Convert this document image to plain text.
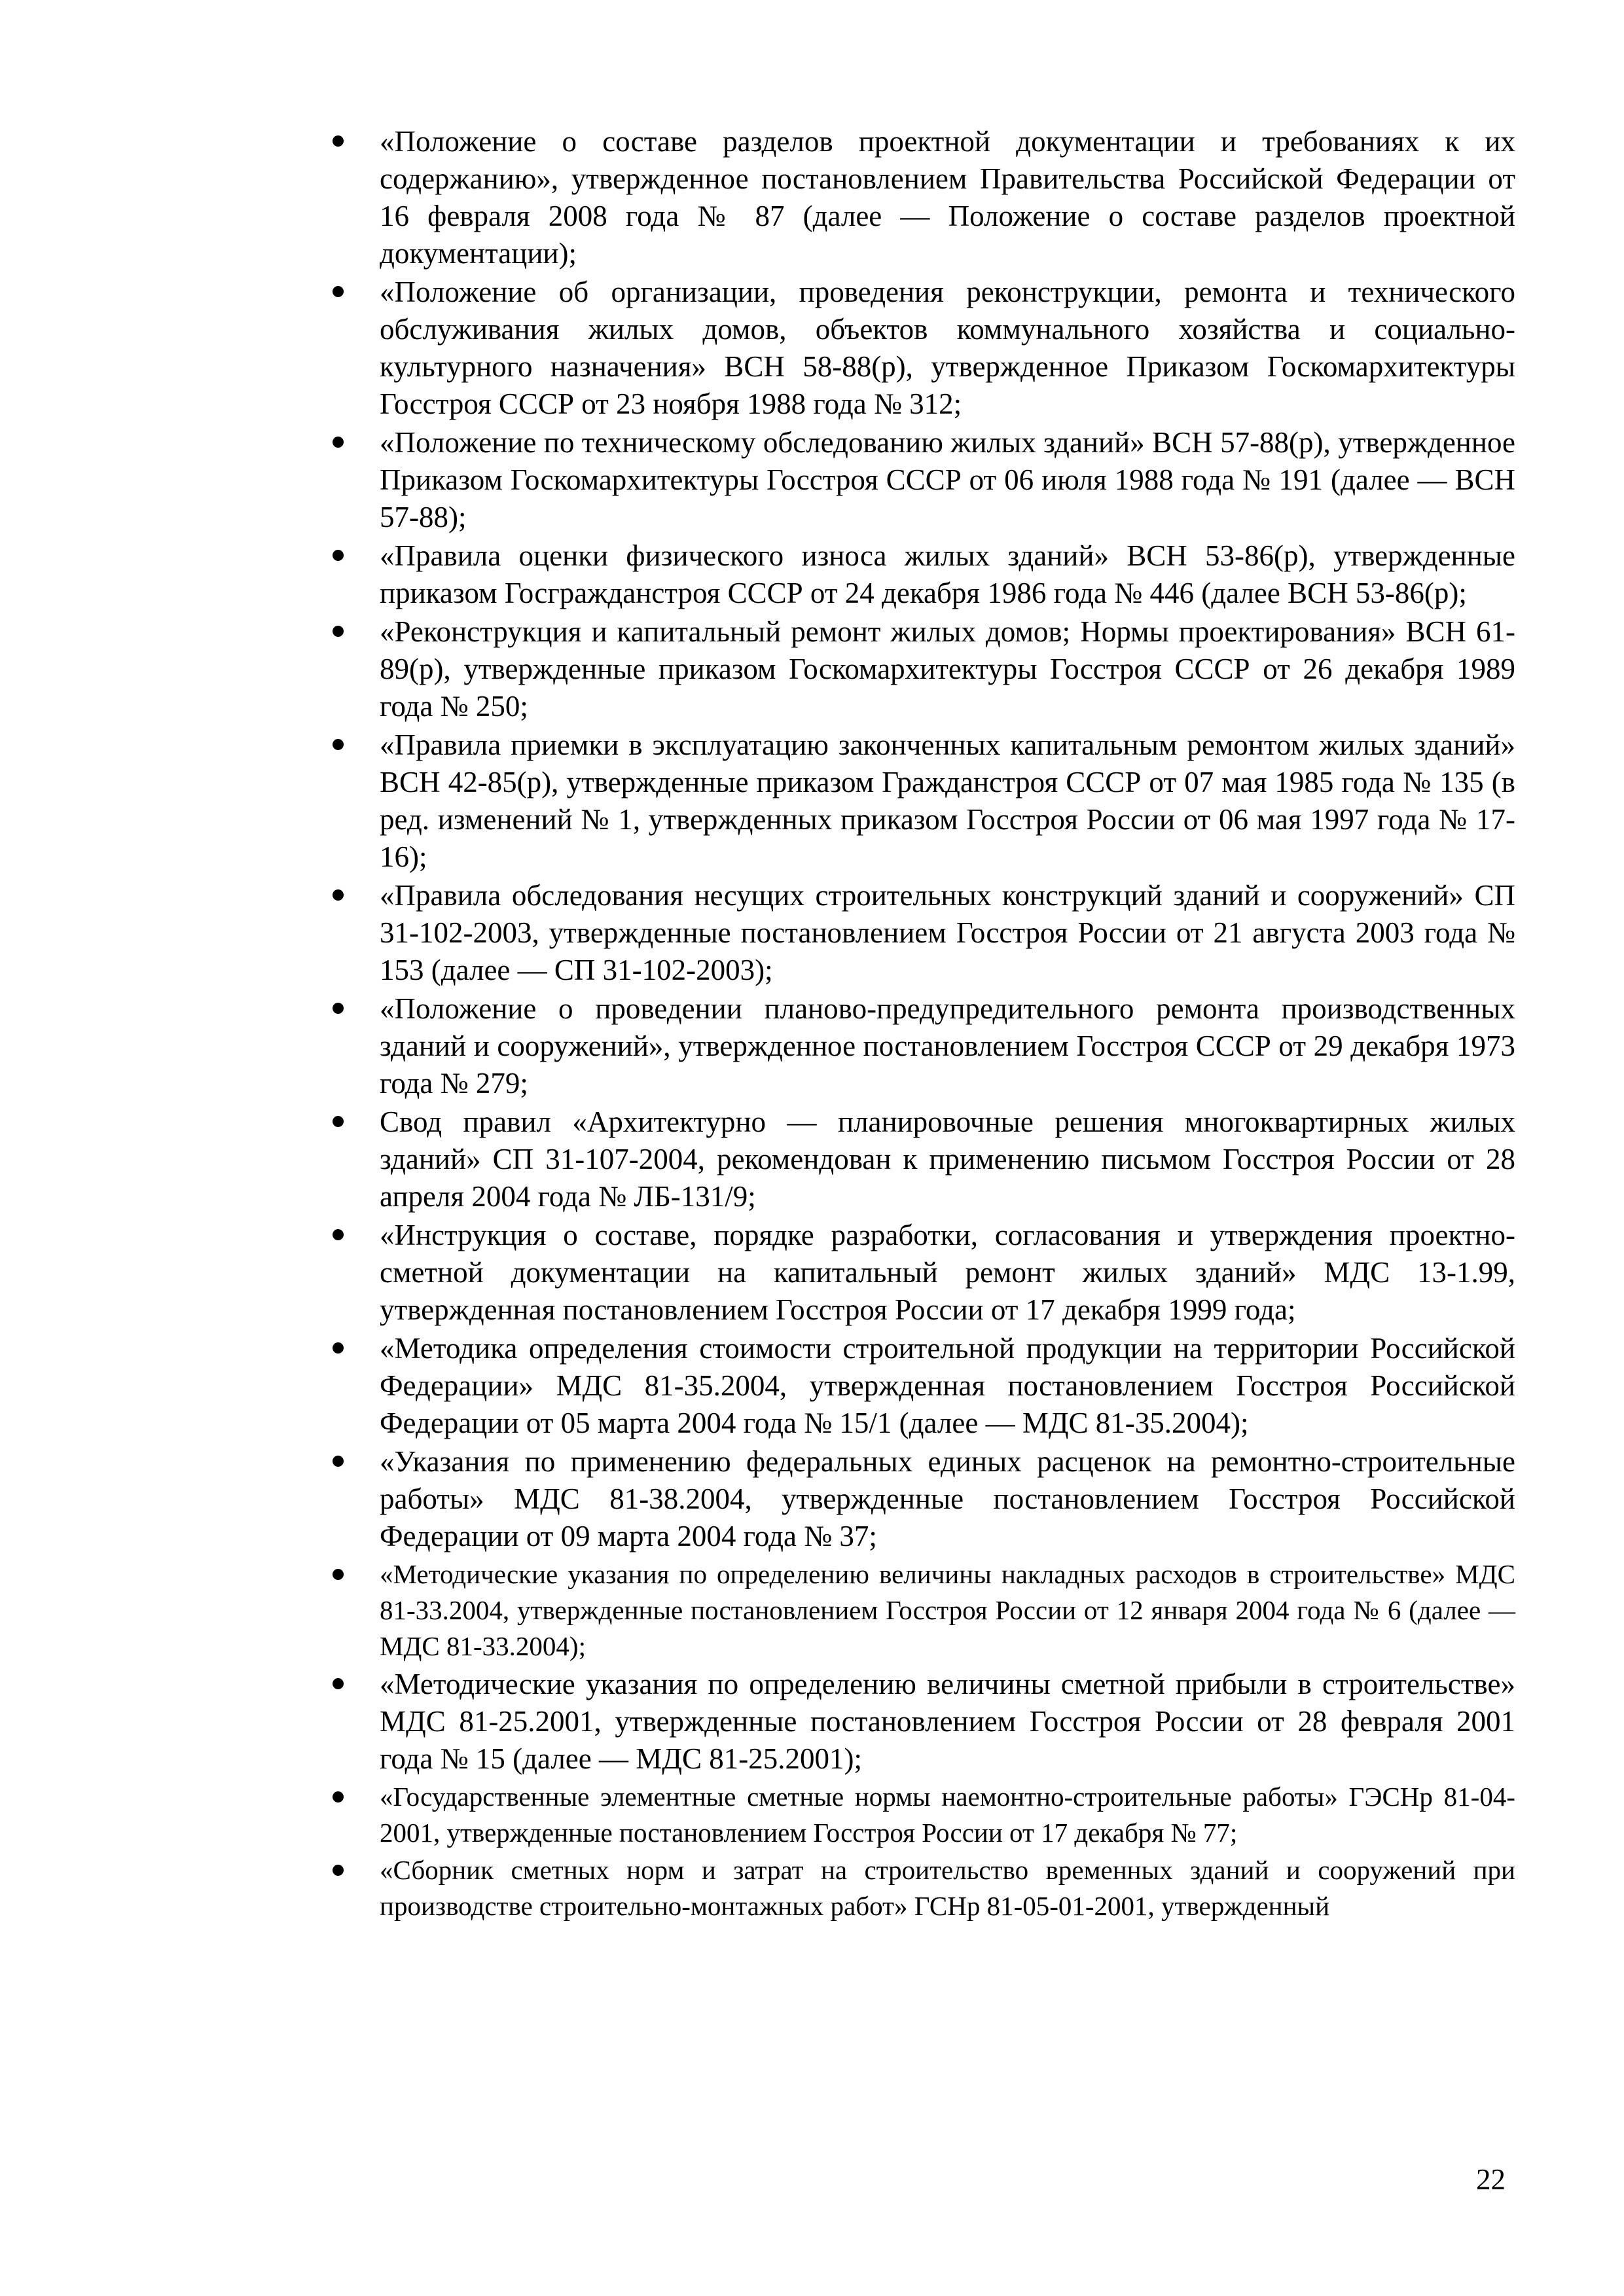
«Положение о составе разделов проектной документации и требованиях к их содержанию», утвержденное постановлением Правительства Российской Федерации от 16 февраля 2008 года № 87 (далее — Положение о составе разделов проектной документации);
«Положение об организации, проведения реконструкции, ремонта и технического обслуживания жилых домов, объектов коммунального хозяйства и социально-культурного назначения» ВСН 58-88(р), утвержденное Приказом Госкомархитектуры Госстроя СССР от 23 ноября 1988 года № 312;
«Положение по техническому обследованию жилых зданий» ВСН 57-88(р), утвержденное Приказом Госкомархитектуры Госстроя СССР от 06 июля 1988 года № 191 (далее — ВСН 57-88);
«Правила оценки физического износа жилых зданий» ВСН 53-86(р), утвержденные приказом Госгражданстроя СССР от 24 декабря 1986 года № 446 (далее ВСН 53-86(р);
«Реконструкция и капитальный ремонт жилых домов; Нормы проектирования» ВСН 61-89(р), утвержденные приказом Госкомархитектуры Госстроя СССР от 26 декабря 1989 года № 250;
«Правила приемки в эксплуатацию законченных капитальным ремонтом жилых зданий» ВСН 42-85(р), утвержденные приказом Гражданстроя СССР от 07 мая 1985 года № 135 (в ред. изменений № 1, утвержденных приказом Госстроя России от 06 мая 1997 года № 17-16);
«Правила обследования несущих строительных конструкций зданий и сооружений» СП 31-102-2003, утвержденные постановлением Госстроя России от 21 августа 2003 года № 153 (далее — СП 31-102-2003);
«Положение о проведении планово-предупредительного ремонта производственных зданий и сооружений», утвержденное постановлением Госстроя СССР от 29 декабря 1973 года № 279;
Свод правил «Архитектурно — планировочные решения многоквартирных жилых зданий» СП 31-107-2004, рекомендован к применению письмом Госстроя России от 28 апреля 2004 года № ЛБ-131/9;
«Инструкция о составе, порядке разработки, согласования и утверждения проектно-сметной документации на капитальный ремонт жилых зданий» МДС 13-1.99, утвержденная постановлением Госстроя России от 17 декабря 1999 года;
«Методика определения стоимости строительной продукции на территории Российской Федерации» МДС 81-35.2004, утвержденная постановлением Госстроя Российской Федерации от 05 марта 2004 года № 15/1 (далее — МДС 81-35.2004);
«Указания по применению федеральных единых расценок на ремонтно-строительные работы» МДС 81-38.2004, утвержденные постановлением Госстроя Российской Федерации от 09 марта 2004 года № 37;
«Методические указания по определению величины накладных расходов в строительстве» МДС 81-33.2004, утвержденные постановлением Госстроя России от 12 января 2004 года № 6 (далее — МДС 81-33.2004);
«Методические указания по определению величины сметной прибыли в строительстве» МДС 81-25.2001, утвержденные постановлением Госстроя России от 28 февраля 2001 года № 15 (далее — МДС 81-25.2001);
«Государственные элементные сметные нормы наемонтно-строительные работы» ГЭСНр 81-04-2001, утвержденные постановлением Госстроя России от 17 декабря № 77;
«Сборник сметных норм и затрат на строительство временных зданий и сооружений при производстве строительно-монтажных работ» ГСНр 81-05-01-2001, утвержденный
22
